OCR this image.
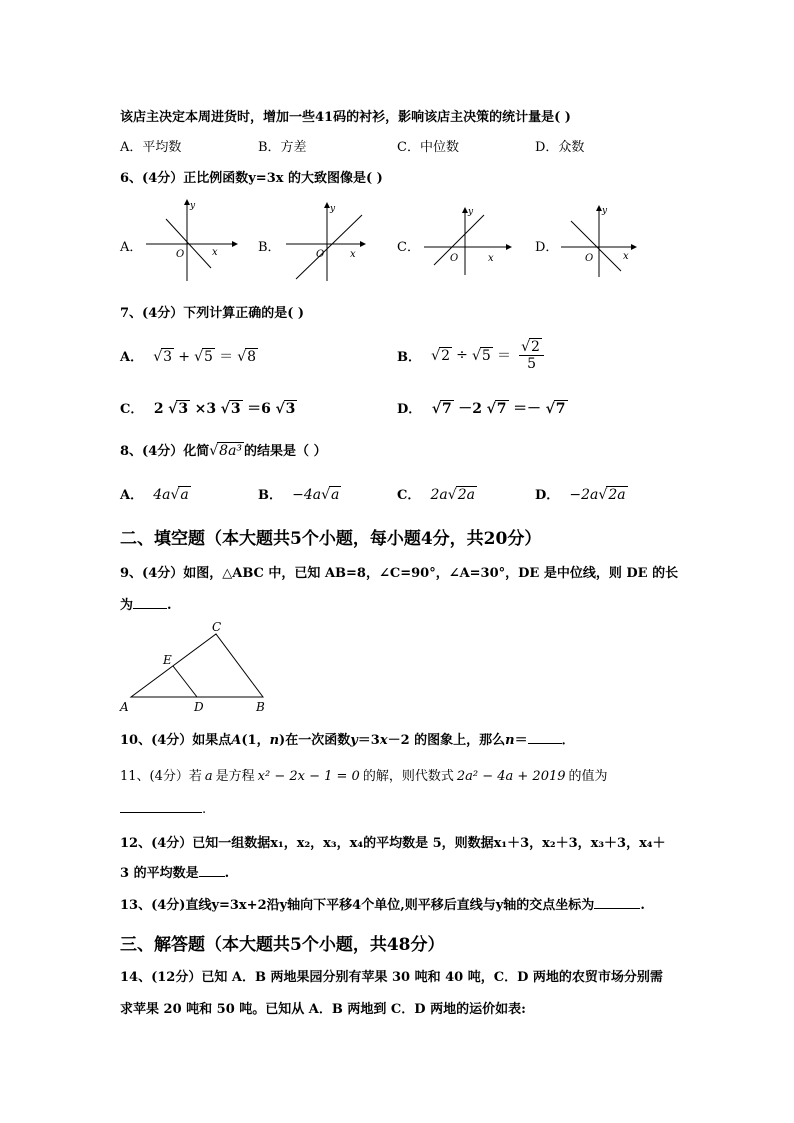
该店主决定本周进货时，增加一些41码的衬衫，影响该店主决策的统计量是( )
A．平均数	B．方差	C．中位数	D．众数
6、(4分）正比例函数y=3x 的大致图像是( )
A．
y
x
O	B．
y
x
O	C．
y
x
O
D．
y
x
O
7、(4分）下列计算正确的是( )
A． √3 + √5 ＝ √8	B． $√2 \div √5 = \frac{√2}{5}$
C． 2 √3 ×3 √3 ＝6 √3	D． √7 －2 √7 ＝－ √7
8、(4分）化简√8a³ 的结果是（ ）
A． 4a√a	B． −4a√a	C． 2a√2a	D． −2a√2a
二、填空题（本大题共5个小题，每小题4分，共20分）
9、(4分）如图，△ABC 中，已知 AB=8，∠C=90°，∠A=30°，DE 是中位线，则 DE 的长
为	.
A	B
C
D
E
10、(4分）如果点A(1，n)在一次函数y＝3x－2 的图象上，那么n＝	．
11、(4分）若 a 是方程 x² − 2x − 1 = 0 的解，则代数式 2a² − 4a + 2019 的值为
.
12、(4分）已知一组数据x₁，x₂，x₃，x₄的平均数是 5，则数据x₁＋3，x₂＋3，x₃＋3，x₄＋
3 的平均数是 .
13、(4分)直线y=3x+2沿y轴向下平移4个单位,则平移后直线与y轴的交点坐标为	.
三、解答题（本大题共5个小题，共48分）
14、(12分）已知 A．B 两地果园分别有苹果 30 吨和 40 吨，C．D 两地的农贸市场分别需
求苹果 20 吨和 50 吨。已知从 A．B 两地到 C．D 两地的运价如表:
